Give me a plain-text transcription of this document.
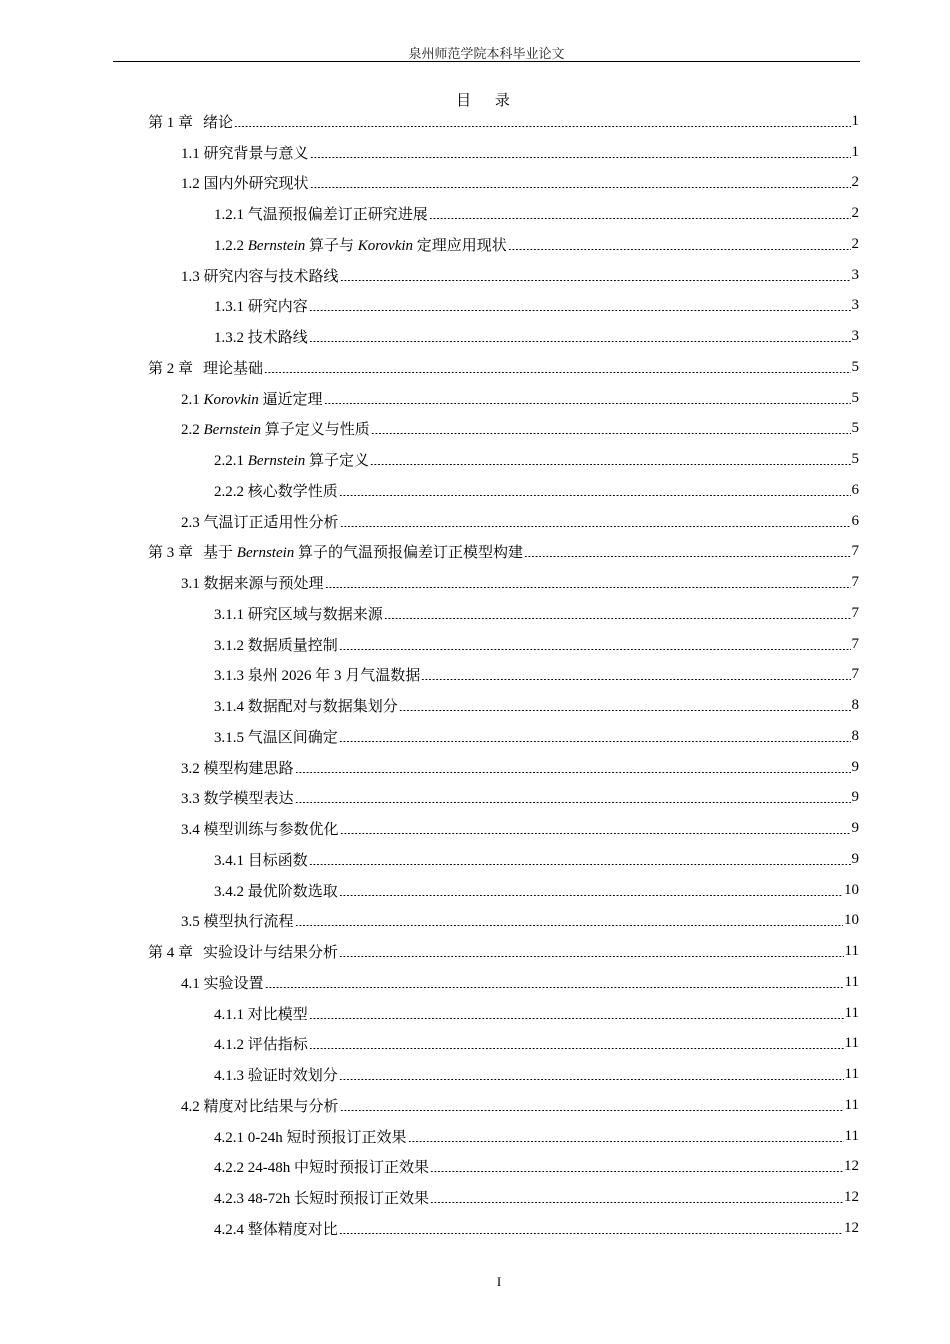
泉州师范学院本科毕业论文
目 录
第 1 章 绪论	1
1.1 研究背景与意义	1
1.2 国内外研究现状	2
1.2.1 气温预报偏差订正研究进展	2
1.2.2 Bernstein 算子与 Korovkin 定理应用现状	2
1.3 研究内容与技术路线	3
1.3.1 研究内容	3
1.3.2 技术路线	3
第 2 章 理论基础	5
2.1 Korovkin 逼近定理	5
2.2 Bernstein 算子定义与性质	5
2.2.1 Bernstein 算子定义	5
2.2.2 核心数学性质	6
2.3 气温订正适用性分析	6
第 3 章 基于 Bernstein 算子的气温预报偏差订正模型构建	7
3.1 数据来源与预处理	7
3.1.1 研究区域与数据来源	7
3.1.2 数据质量控制	7
3.1.3 泉州 2026 年 3 月气温数据	7
3.1.4 数据配对与数据集划分	8
3.1.5 气温区间确定	8
3.2 模型构建思路	9
3.3 数学模型表达	9
3.4 模型训练与参数优化	9
3.4.1 目标函数	9
3.4.2 最优阶数选取	10
3.5 模型执行流程	10
第 4 章 实验设计与结果分析	11
4.1 实验设置	11
4.1.1 对比模型	11
4.1.2 评估指标	11
4.1.3 验证时效划分	11
4.2 精度对比结果与分析	11
4.2.1 0-24h 短时预报订正效果	11
4.2.2 24-48h 中短时预报订正效果	12
4.2.3 48-72h 长短时预报订正效果	12
4.2.4 整体精度对比	12
I
